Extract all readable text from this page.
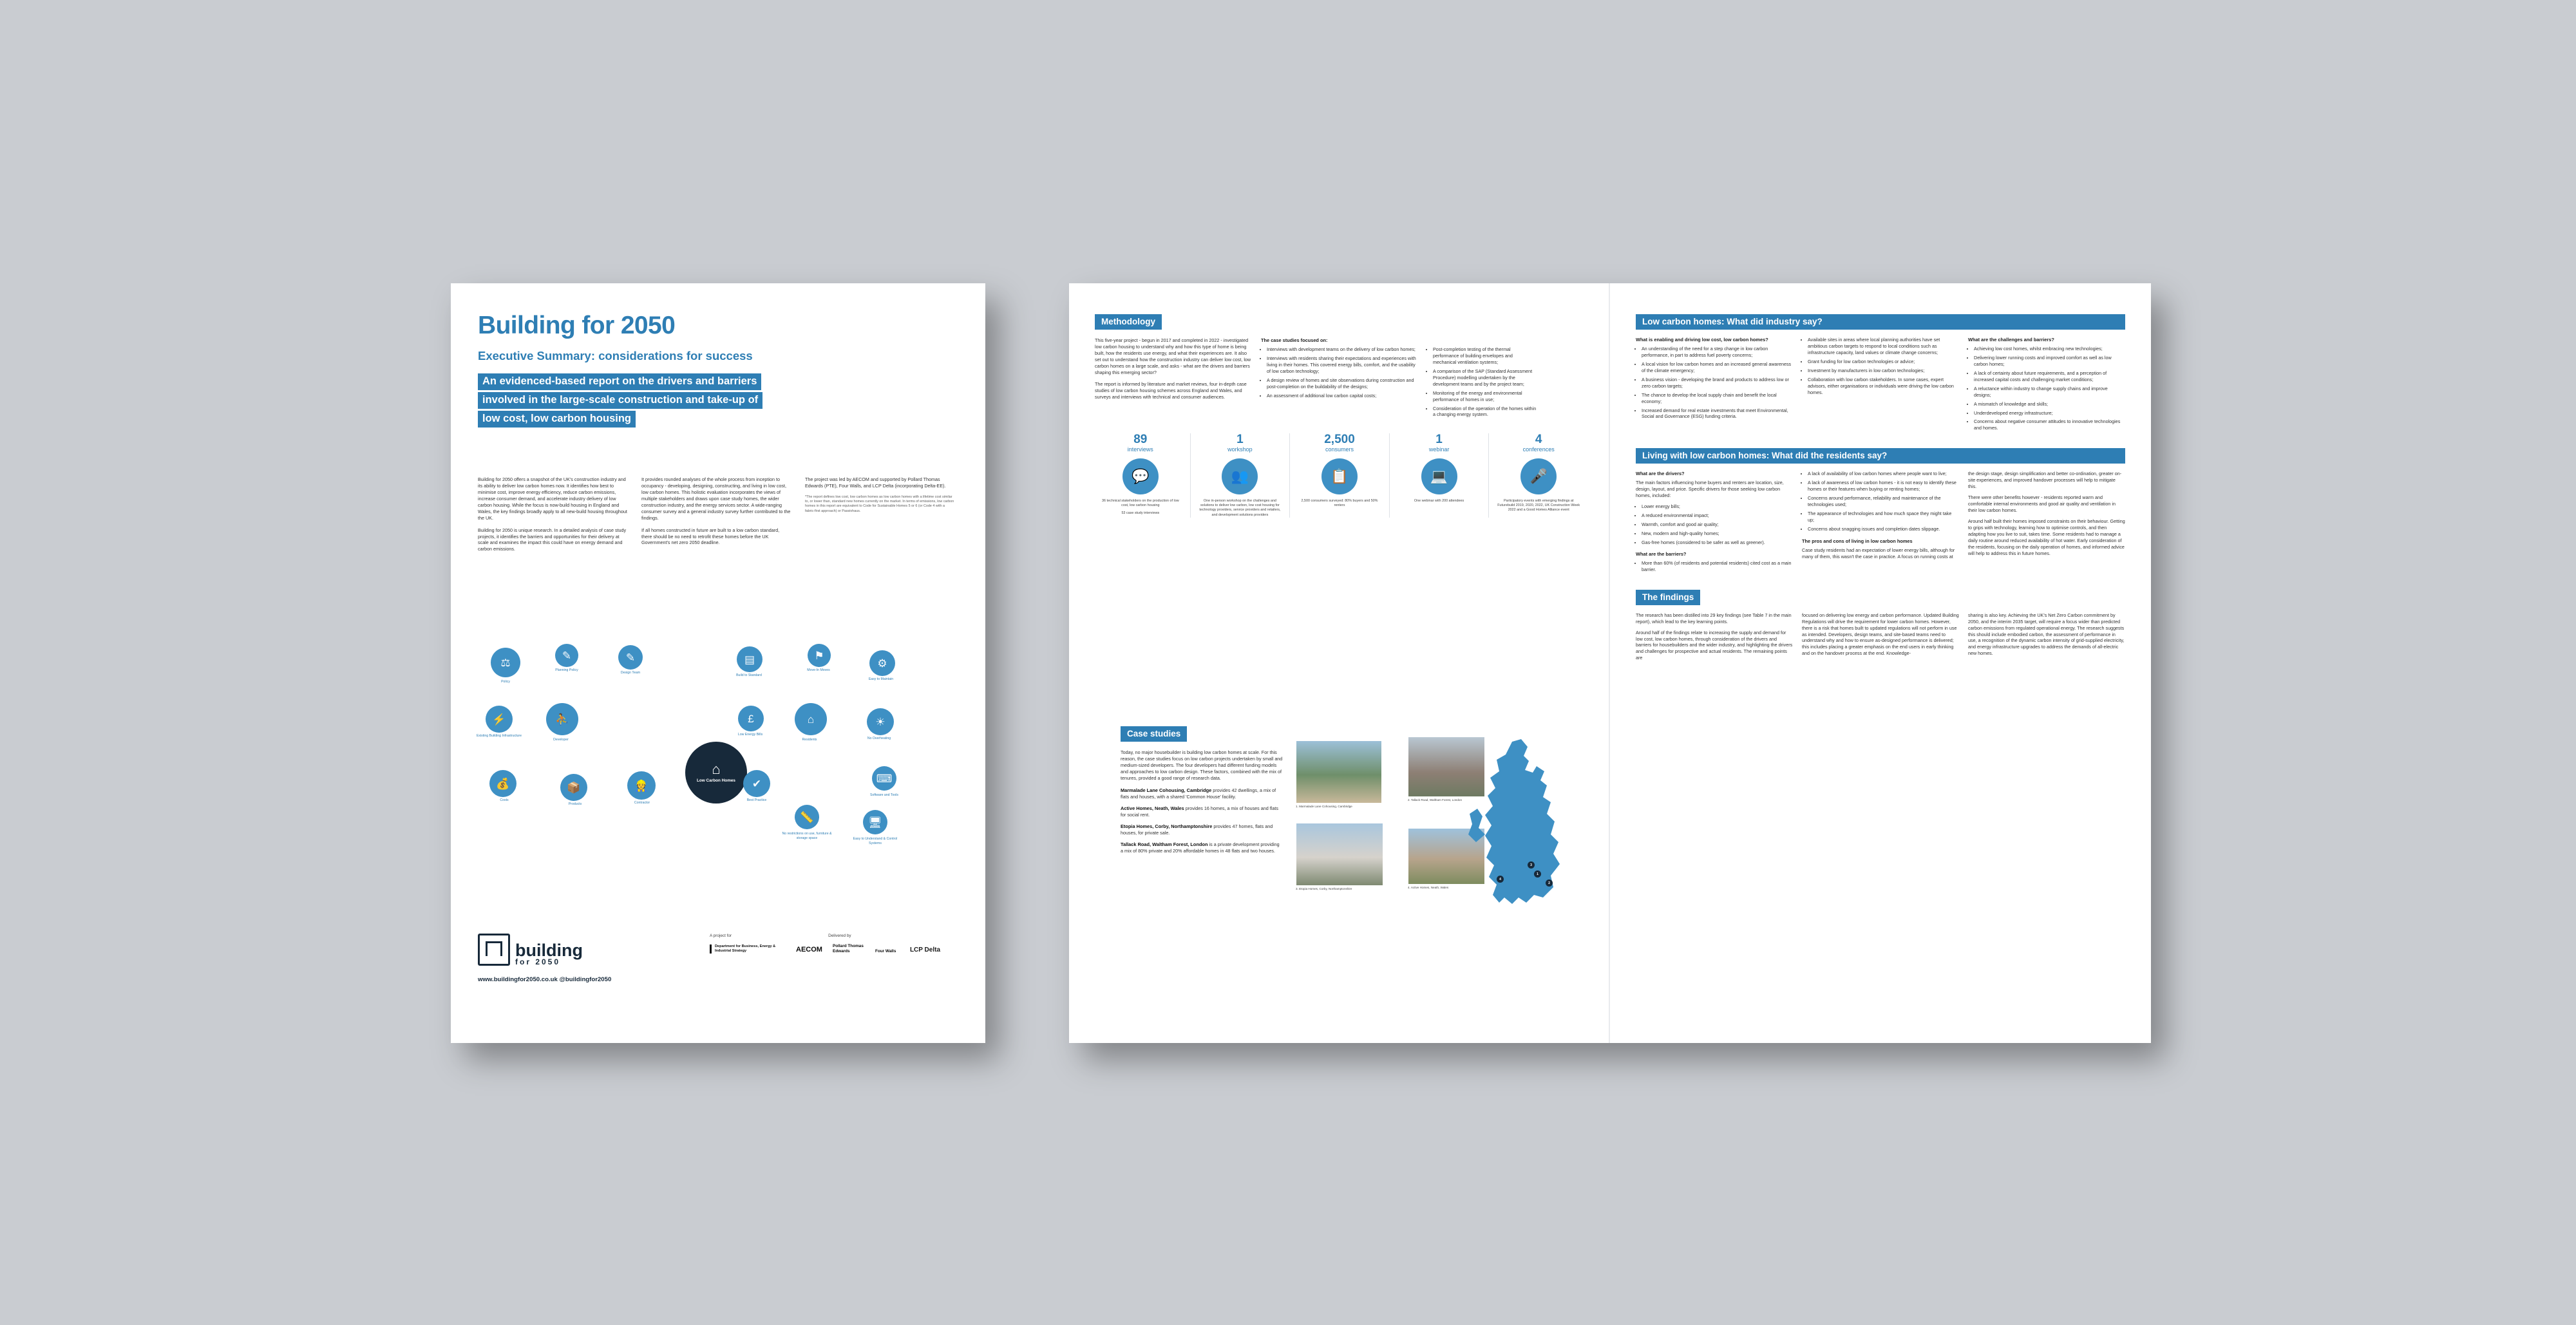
Building for 2050
Executive Summary: considerations for success
An evidenced-based report on the drivers and barriers
involved in the large-scale construction and take-up of
low cost, low carbon housing

Building for 2050 offers a snapshot of the UK's construction industry and its ability to deliver low carbon homes now. It identifies how best to minimise cost, improve energy efficiency, reduce carbon emissions, increase consumer demand, and accelerate industry delivery of low carbon housing. While the focus is now-build housing in England and Wales, the key findings broadly apply to all new-build housing throughout the UK.

Building for 2050 is unique research. In a detailed analysis of case study projects, it identifies the barriers and opportunities for their delivery at scale and examines the impact this could have on energy demand and carbon emissions.

It provides rounded analyses of the whole process from inception to occupancy - developing, designing, constructing, and living in low cost, low carbon homes. This holistic evaluation incorporates the views of multiple stakeholders and draws upon case study homes, the wider construction industry, and the energy services sector. A wide-ranging consumer survey and a general industry survey further contributed to the findings.

If all homes constructed in future are built to a low carbon standard, there should be no need to retrofit these homes before the UK Government's net zero 2050 deadline.

The project was led by AECOM and supported by Pollard Thomas Edwards (PTE), Four Walls, and LCP Delta (incorporating Delta-EE).

*The report defines low cost, low carbon homes as low carbon homes with a lifetime cost similar to, or lower than, standard new homes currently on the market. In terms of emissions, low carbon homes in this report are equivalent to Code for Sustainable Homes 5 or 6 (or Code 4 with a fabric-first approach) or Passivhaus.

⌂
Low Carbon Homes
⚖
Policy
✎
Planning Policy
✎
Design Team
▤
Build to Standard
⚑
Move-In Moves
⚙
Easy to Maintain
⚡
Existing Building Infrastructure
£
Low Energy Bills
☀
No Overheating
⛹
Developer
⌂
Residents
⌨
Software and Tools
💰
Costs
📦
Products
👷
Contractor
✔
Best Practice
📏
No restrictions on use, furniture & storage space
🖥
Easy to Understand & Control Systems
building
for 2050
www.buildingfor2050.co.uk @buildingfor2050
A project for	Delivered by
Department for Business, Energy & Industrial Strategy	AECOM	Pollard Thomas Edwards	Four Walls	LCP Delta
Methodology

This five-year project - begun in 2017 and completed in 2022 - investigated low carbon housing to understand why and how this type of home is being built, how the residents use energy, and what their experiences are. It also set out to understand how the construction industry can deliver low cost, low carbon homes on a large scale, and asks - what are the drivers and barriers shaping this emerging sector?

The report is informed by literature and market reviews, four in-depth case studies of low carbon housing schemes across England and Wales, and surveys and interviews with technical and consumer audiences.

The case studies focused on:
• Interviews with development teams on the delivery of low carbon homes;
• Interviews with residents sharing their expectations and experiences with living in their homes. This covered energy bills, comfort, and the usability of low carbon technology;
• A design review of homes and site observations during construction and post-completion on the buildability of the designs;
• An assessment of additional low carbon capital costs;
• Post-completion testing of the thermal performance of building envelopes and mechanical ventilation systems;
• A comparison of the SAP (Standard Assessment Procedure) modelling undertaken by the development teams and by the project team;
• Monitoring of the energy and environmental performance of homes in use;
• Consideration of the operation of the homes within a changing energy system.
89
interviews
💬
36 technical stakeholders on the production of low cost, low carbon housing
53 case study interviews
1
workshop
👥
One in-person workshop on the challenges and solutions to deliver low carbon, low cost housing for technology providers, service providers and retailers, and development solutions providers
2,500
consumers
📋
2,500 consumers surveyed: 80% buyers and 50% renters
1
webinar
💻
One webinar with 200 attendees
4
conferences
🎤
Participatory events with emerging findings at Futurebuild 2019, 2020, 2022, UK Construction Week 2022 and a Good Homes Alliance event
Case studies

Today, no major housebuilder is building low carbon homes at scale. For this reason, the case studies focus on low carbon projects undertaken by small and medium-sized developers. The four developers had different funding models and approaches to low carbon design. These factors, combined with the mix of tenures, provided a good range of research data.

Marmalade Lane Cohousing, Cambridge provides 42 dwellings, a mix of flats and houses, with a shared 'Common House' facility.

Active Homes, Neath, Wales provides 16 homes, a mix of houses and flats for social rent.

Etopia Homes, Corby, Northamptonshire provides 47 homes, flats and houses, for private sale.

Tallack Road, Waltham Forest, London is a private development providing a mix of 80% private and 20% affordable homes in 48 flats and two houses.

1. Marmalade Lane Cohousing, Cambridge
2. Tallack Road, Waltham Forest, London
3. Etopia Homes, Corby, Northamptonshire	4. Active Homes, Neath, Wales
1
2
3
4
Low carbon homes: What did industry say?
What is enabling and driving low cost, low carbon homes?
• An understanding of the need for a step change in low carbon performance, in part to address fuel poverty concerns;
• A local vision for low carbon homes and an increased general awareness of the climate emergency;
• A business vision - developing the brand and products to address low or zero carbon targets;
• The chance to develop the local supply chain and benefit the local economy;
• Increased demand for real estate investments that meet Environmental, Social and Governance (ESG) funding criteria.
• Available sites in areas where local planning authorities have set ambitious carbon targets to respond to local conditions such as infrastructure capacity, land values or climate change concerns;
• Grant funding for low carbon technologies or advice;
• Investment by manufacturers in low carbon technologies;
• Collaboration with low carbon stakeholders. In some cases, expert advisors, either organisations or individuals were driving the low carbon homes.
What are the challenges and barriers?
• Achieving low cost homes, whilst embracing new technologies;
• Delivering lower running costs and improved comfort as well as low carbon homes;
• A lack of certainty about future requirements, and a perception of increased capital costs and challenging market conditions;
• A reluctance within industry to change supply chains and improve designs;
• A mismatch of knowledge and skills;
• Underdeveloped energy infrastructure;
• Concerns about negative consumer attitudes to innovative technologies and homes.
Living with low carbon homes: What did the residents say?
What are the drivers?

The main factors influencing home buyers and renters are location, size, design, layout, and price. Specific drivers for those seeking low carbon homes, included:

• Lower energy bills;
• A reduced environmental impact;
• Warmth, comfort and good air quality;
• New, modern and high-quality homes;
• Gas-free homes (considered to be safer as well as greener).
What are the barriers?
• More than 60% (of residents and potential residents) cited cost as a main barrier.
• A lack of availability of low carbon homes where people want to live;
• A lack of awareness of low carbon homes - it is not easy to identify these homes or their features when buying or renting homes;
• Concerns around performance, reliability and maintenance of the technologies used;
• The appearance of technologies and how much space they might take up;
• Concerns about snagging issues and completion dates slippage.
The pros and cons of living in low carbon homes

Case study residents had an expectation of lower energy bills, although for many of them, this wasn't the case in practice. A focus on running costs at

the design stage, design simplification and better co-ordination, greater on-site experiences, and improved handover processes will help to mitigate this.

There were other benefits however - residents reported warm and comfortable internal environments and good air quality and ventilation in their low carbon homes.

Around half built their homes imposed constraints on their behaviour. Getting to grips with technology, learning how to optimise controls, and then adapting how you live to suit, takes time. Some residents had to manage a daily routine around reduced availability of hot water. Early consideration of the residents, focusing on the daily operation of homes, and informed advice will help to address this in future homes.

The findings

The research has been distilled into 29 key findings (see Table 7 in the main report), which lead to the key learning points.

Around half of the findings relate to increasing the supply and demand for low cost, low carbon homes, through consideration of the drivers and barriers for housebuilders and the wider industry, and highlighting the drivers and challenges for prospective and actual residents. The remaining points are

focused on delivering low energy and carbon performance. Updated Building Regulations will drive the requirement for lower carbon homes. However, there is a risk that homes built to updated regulations will not perform in use as intended. Developers, design teams, and site-based teams need to understand why and how to ensure as-designed performance is delivered; this includes placing a greater emphasis on the end users in early thinking and on the handover process at the end. Knowledge-

sharing is also key. Achieving the UK's Net Zero Carbon commitment by 2050, and the interim 2035 target, will require a focus wider than predicted carbon emissions from regulated operational energy. The research suggests this should include embodied carbon, the assessment of performance in use, a recognition of the dynamic carbon intensity of grid-supplied electricity, and energy infrastructure upgrades to address the demands of all-electric new homes.
